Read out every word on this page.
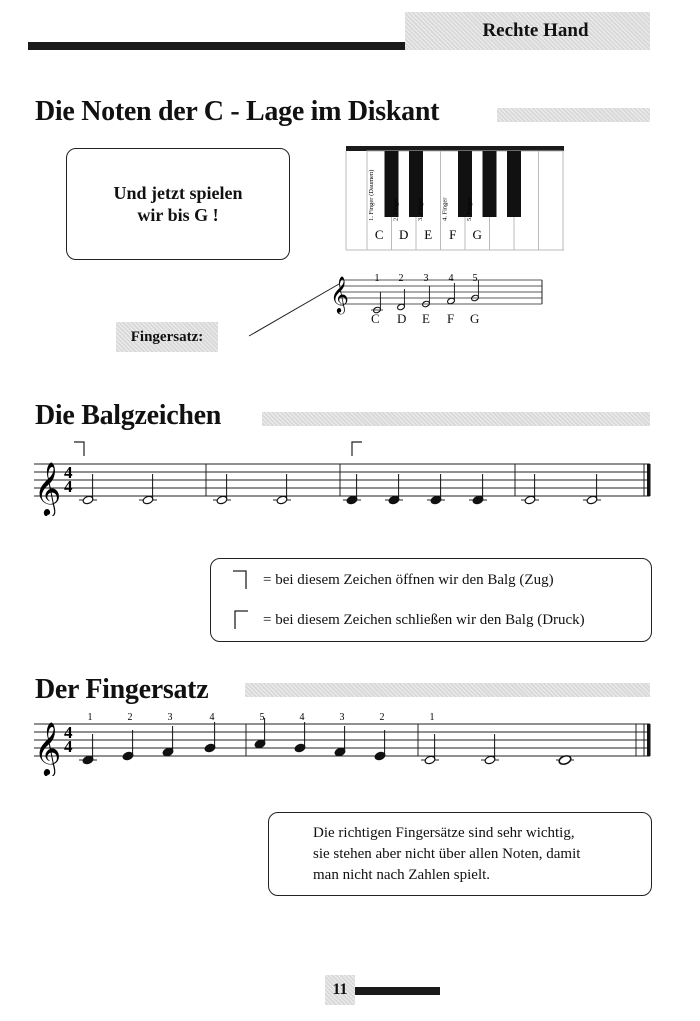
Rechte Hand
Die Noten der C - Lage im Diskant
Und jetzt spielen
wir bis G !
C D E F G
1. Finger (Daumen)	2. Finger	3. Finger	4. Finger	5. Finger
𝄞	1 2 3 4 5
C D E F G
Fingersatz:
Die Balgzeichen
𝄞 4
4
= bei diesem Zeichen öffnen wir den Balg (Zug)
= bei diesem Zeichen schließen wir den Balg (Druck)
Der Fingersatz
𝄞 4
4
1	2	3	4	5	4	3	2	1
Die richtigen Fingersätze sind sehr wichtig,
sie stehen aber nicht über allen Noten, damit
man nicht nach Zahlen spielt.
11
